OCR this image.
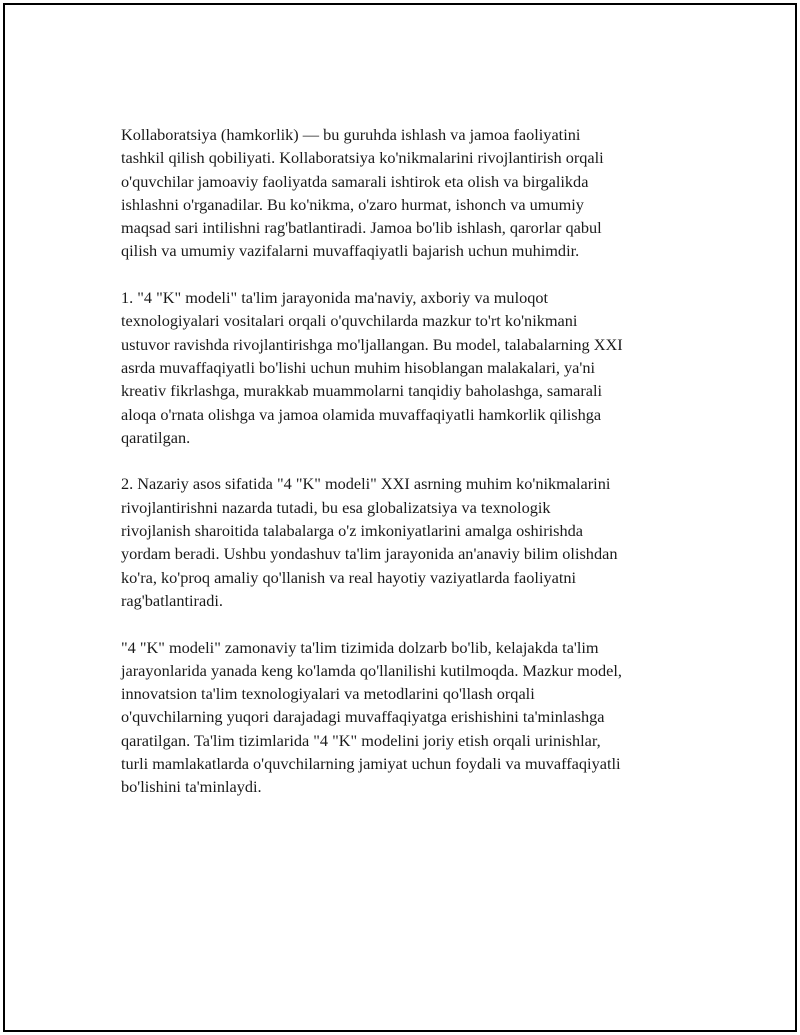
Kollaboratsiya (hamkorlik) — bu guruhda ishlash va jamoa faoliyatini
tashkil qilish qobiliyati. Kollaboratsiya ko'nikmalarini rivojlantirish orqali
o'quvchilar jamoaviy faoliyatda samarali ishtirok eta olish va birgalikda
ishlashni o'rganadilar. Bu ko'nikma, o'zaro hurmat, ishonch va umumiy
maqsad sari intilishni rag'batlantiradi. Jamoa bo'lib ishlash, qarorlar qabul
qilish va umumiy vazifalarni muvaffaqiyatli bajarish uchun muhimdir.

1. "4 "K" modeli" ta'lim jarayonida ma'naviy, axboriy va muloqot
texnologiyalari vositalari orqali o'quvchilarda mazkur to'rt ko'nikmani
ustuvor ravishda rivojlantirishga mo'ljallangan. Bu model, talabalarning XXI
asrda muvaffaqiyatli bo'lishi uchun muhim hisoblangan malakalari, ya'ni
kreativ fikrlashga, murakkab muammolarni tanqidiy baholashga, samarali
aloqa o'rnata olishga va jamoa olamida muvaffaqiyatli hamkorlik qilishga
qaratilgan.

2. Nazariy asos sifatida "4 "K" modeli" XXI asrning muhim ko'nikmalarini
rivojlantirishni nazarda tutadi, bu esa globalizatsiya va texnologik
rivojlanish sharoitida talabalarga o'z imkoniyatlarini amalga oshirishda
yordam beradi. Ushbu yondashuv ta'lim jarayonida an'anaviy bilim olishdan
ko'ra, ko'proq amaliy qo'llanish va real hayotiy vaziyatlarda faoliyatni
rag'batlantiradi.

"4 "K" modeli" zamonaviy ta'lim tizimida dolzarb bo'lib, kelajakda ta'lim
jarayonlarida yanada keng ko'lamda qo'llanilishi kutilmoqda. Mazkur model,
innovatsion ta'lim texnologiyalari va metodlarini qo'llash orqali
o'quvchilarning yuqori darajadagi muvaffaqiyatga erishishini ta'minlashga
qaratilgan. Ta'lim tizimlarida "4 "K" modelini joriy etish orqali urinishlar,
turli mamlakatlarda o'quvchilarning jamiyat uchun foydali va muvaffaqiyatli
bo'lishini ta'minlaydi.
